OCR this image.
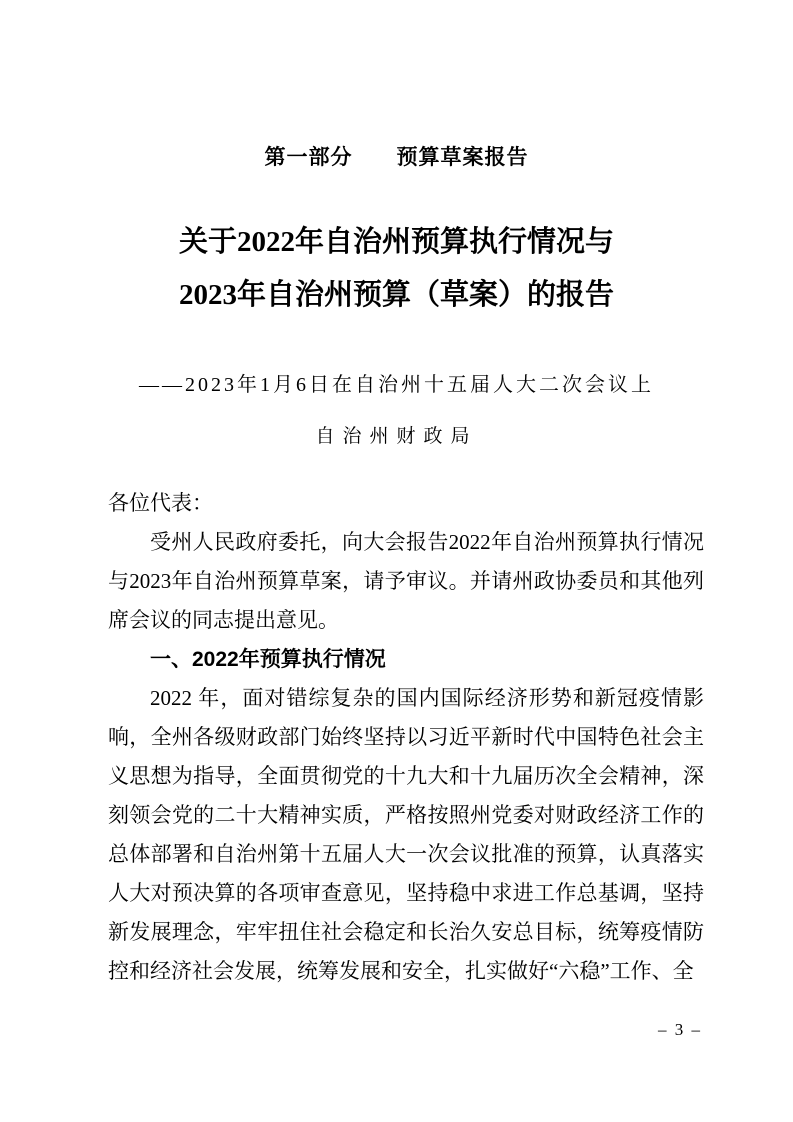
第一部分　　预算草案报告
关于2022年自治州预算执行情况与
2023年自治州预算（草案）的报告
——2023年1月6日在自治州十五届人大二次会议上
自治州财政局

各位代表：

受州人民政府委托，向大会报告2022年自治州预算执行情况与2023年自治州预算草案，请予审议。并请州政协委员和其他列席会议的同志提出意见。

一、2022年预算执行情况

2022 年，面对错综复杂的国内国际经济形势和新冠疫情影响，全州各级财政部门始终坚持以习近平新时代中国特色社会主义思想为指导，全面贯彻党的十九大和十九届历次全会精神，深刻领会党的二十大精神实质，严格按照州党委对财政经济工作的总体部署和自治州第十五届人大一次会议批准的预算，认真落实人大对预决算的各项审查意见，坚持稳中求进工作总基调，坚持新发展理念，牢牢扭住社会稳定和长治久安总目标，统筹疫情防控和经济社会发展，统筹发展和安全，扎实做好“六稳”工作、全

– 3 –
